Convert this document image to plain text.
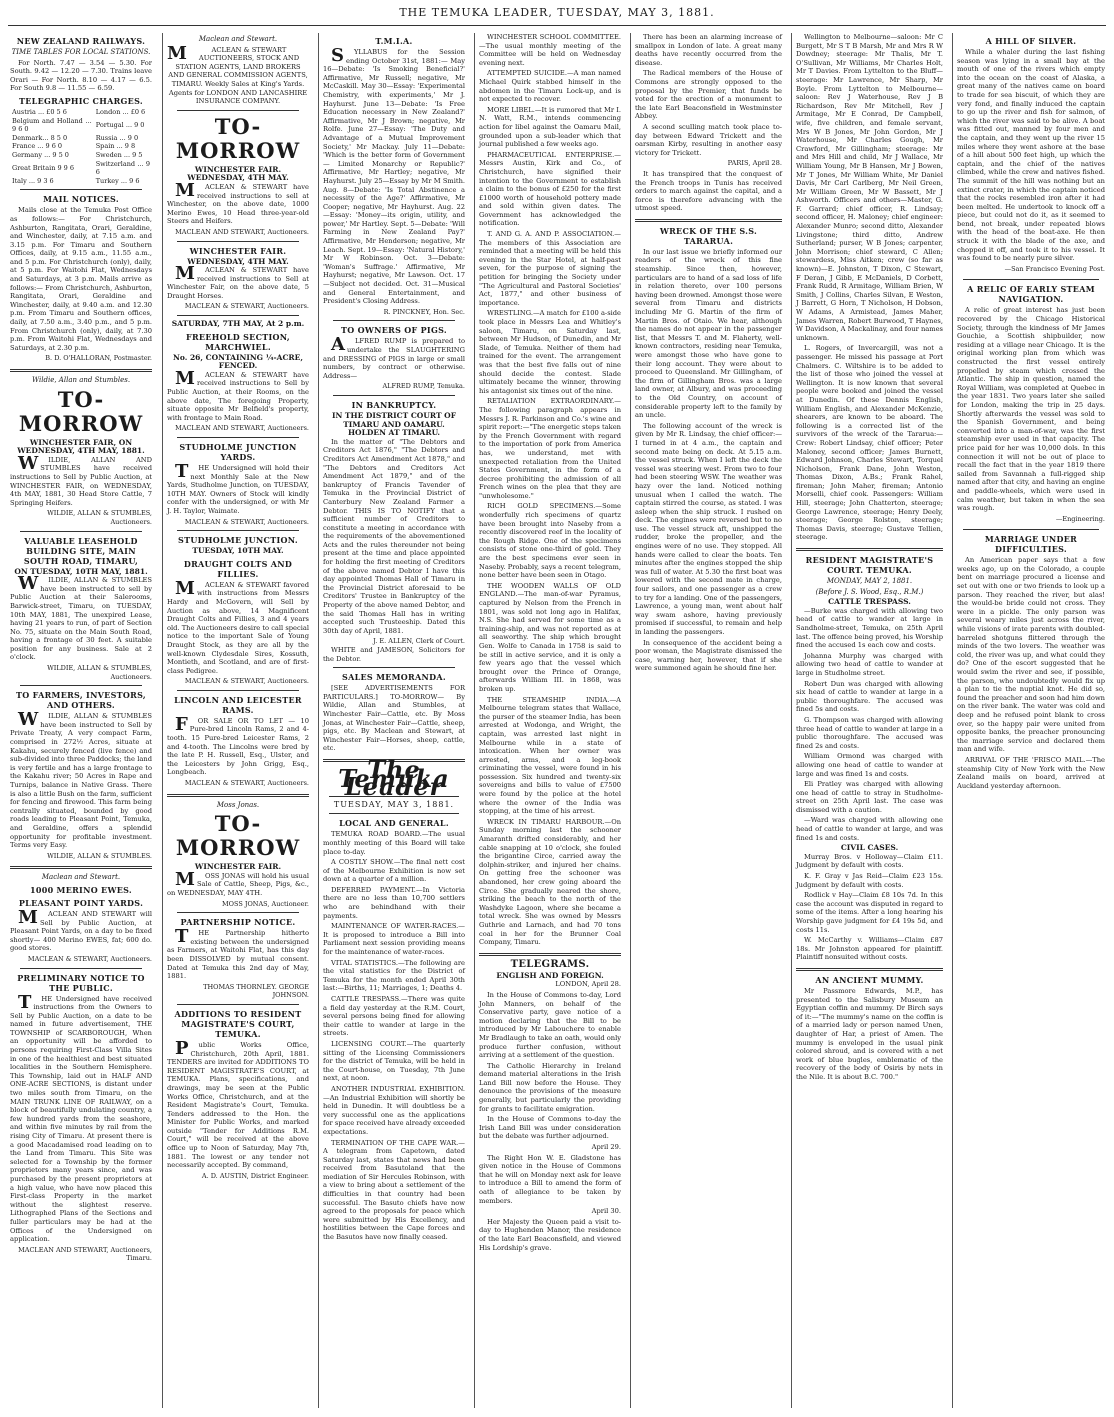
THE TEMUKA LEADER, TUESDAY, MAY 3, 1881.
NEW ZEALAND RAILWAYS.
TIME TABLES FOR LOCAL STATIONS.
For North. 7.47 — 3.54 — 5.30. For South. 9.42 — 12.20 — 7.30. Trains leave Orari — For North. 8.10 — 4.17 — 6.5. For South 9.8 — 11.55 — 6.59.
TELEGRAPHIC CHARGES.
Austria ... £0 5 6	London ... £0 6
Belgium and Holland ... 9 6 0	Portugal ... 9 0
Denmark... 8 5 0	Russia ... 9 0
France ... 9 6 0	Spain ... 9 8
Germany ... 9 5 0	Sweden ... 9 5
Great Britain 9 9 6	Switzerland ... 9 6
Italy ... 9 3 6	Turkey ... 9 6
MAIL NOTICES.
Mails close at the Temuka Post Office as follows:— For Christchurch, Ashburton, Rangitata, Orari, Geraldine, and Winchester, daily, at 7.15 a.m. and 3.15 p.m. For Timaru and Southern Offices, daily, at 9.15 a.m., 11.55 a.m., and 5 p.m. For Christchurch (only), daily, at 5 p.m. For Waitohi Flat, Wednesdays and Saturdays, at 3 p.m. Mails arrive as follows:— From Christchurch, Ashburton, Rangitata, Orari, Geraldine and Winchester, daily, at 9.40 a.m. and 12.30 p.m. From Timaru and Southern offices, daily, at 7.50 a.m., 3.40 p.m., and 5 p.m. From Christchurch (only), daily, at 7.30 p.m. From Waitohi Flat, Wednesdays and Saturdays, at 2.30 p.m.
B. D. O'HALLORAN, Postmaster.
Wildie, Allan and Stumbles.
TO-MORROW
WINCHESTER FAIR, ON WEDNESDAY, 4TH MAY, 1881.
WILDIE, ALLAN AND STUMBLES have received instructions to Sell by Public Auction, at WINCHESTER FAIR, on WEDNESDAY, 4th MAY, 1881, 30 Head Store Cattle, 7 Springing Heifers.
WILDIE, ALLAN & STUMBLES, Auctioneers.
VALUABLE LEASEHOLD BUILDING SITE, MAIN SOUTH ROAD, TIMARU,
ON TUESDAY, 10TH MAY, 1881.
WILDIE, ALLAN & STUMBLES have been instructed to sell by Public Auction at their Salerooms, Barwick-street, Timaru, on TUESDAY, 10th MAY, 1881, The unexpired Lease, having 21 years to run, of part of Section No. 75, situate on the Main South Road, having a frontage of 30 feet. A suitable position for any business. Sale at 2 o'clock.
WILDIE, ALLAN & STUMBLES, Auctioneers.
TO FARMERS, INVESTORS, AND OTHERS.
WILDIE, ALLAN & STUMBLES have been instructed to Sell by Private Treaty, A very compact Farm, comprised in 272½ Acres, situate at Kakahu, securely fenced (live fence) and sub-divided into three Paddocks; the land is very fertile and has a large frontage to the Kakahu river; 50 Acres in Rape and Turnips, balance in Native Grass. There is also a little Bush on the farm, sufficient for fencing and firewood. This farm being centrally situated, bounded by good roads leading to Pleasant Point, Temuka, and Geraldine, offers a splendid opportunity for profitable investment. Terms very Easy.
WILDIE, ALLAN & STUMBLES.
Maclean and Stewart.
1000 MERINO EWES.
PLEASANT POINT YARDS.
MACLEAN AND STEWART will Sell by Public Auction, at Pleasant Point Yards, on a day to be fixed shortly— 400 Merino EWES, fat; 600 do. good stores.
MACLEAN & STEWART, Auctioneers.
PRELIMINARY NOTICE TO THE PUBLIC.
THE Undersigned have received instructions from the Owners to Sell by Public Auction, on a date to be named in future advertisement, THE TOWNSHIP of SCARBOROUGH, When an opportunity will be afforded to persons requiring First-Class Villa Sites in one of the healthiest and best situated localities in the Southern Hemisphere. This Township, laid out in HALF AND ONE-ACRE SECTIONS, is distant under two miles south from Timaru, on the MAIN TRUNK LINE OF RAILWAY, on a block of beautifully undulating country, a few hundred yards from the seashore, and within five minutes by rail from the rising City of Timaru. At present there is a good Macadamised road leading on to the Land from Timaru. This Site was selected for a Township by the former proprietors many years since, and was purchased by the present proprietors at a high value, who have now placed this First-class Property in the market without the slightest reserve. Lithographed Plans of the Sections and fuller particulars may be had at the Offices of the Undersigned on application.
MACLEAN AND STEWART, Auctioneers, Timaru.
Maclean and Stewart.
MACLEAN & STEWART AUCTIONEERS, STOCK AND STATION AGENTS, LAND BROKERS AND GENERAL COMMISSION AGENTS, TIMARU. Weekly Sales at King's Yards. Agents for LONDON AND LANCASHIRE INSURANCE COMPANY.
TO-MORROW
WINCHESTER FAIR. WEDNESDAY, 4TH MAY.
MACLEAN & STEWART have received instructions to sell at Winchester, on the above date, 1000 Merino Ewes, 10 Head three-year-old Steers and Heifers.
MACLEAN AND STEWART, Auctioneers.
WINCHESTER FAIR.
WEDNESDAY, 4TH MAY.
MACLEAN & STEWART have received instructions to Sell at Winchester Fair, on the above date, 5 Draught Horses.
MACLEAN & STEWART, Auctioneers.
SATURDAY, 7TH MAY, At 2 p.m.
FREEHOLD SECTION, MARCHWIEL.
No. 26, CONTAINING ¼-ACRE, FENCED.
MACLEAN & STEWART have received instructions to Sell by Public Auction, at their Rooms, on the above date, The foregoing Property, situate opposite Mr Belfield's property, with frontage to Main Road.
MACLEAN AND STEWART, Auctioneers.
STUDHOLME JUNCTION YARDS.
THE Undersigned will hold their next Monthly Sale at the New Yards, Studholme Junction, on TUESDAY, 10TH MAY. Owners of Stock will kindly confer with the undersigned, or with Mr J. H. Taylor, Waimate.
MACLEAN & STEWART, Auctioneers.
STUDHOLME JUNCTION.
TUESDAY, 10TH MAY.
DRAUGHT COLTS AND FILLIES.
MACLEAN & STEWART favored with instructions from Messrs Hardy and McGovern, will Sell by Auction as above, 14 Magnificent Draught Colts and Fillies, 3 and 4 years old. The Auctioneers desire to call special notice to the important Sale of Young Draught Stock, as they are all by the well-known Clydesdale Sires, Kossuth, Montieth, and Scotland, and are of first-class Pedigree.
MACLEAN & STEWART, Auctioneers.
LINCOLN AND LEICESTER RAMS.
FOR SALE OR TO LET — 10 Pure-bred Lincoln Rams, 2 and 4-tooth. 15 Pure-bred Leicester Rams, 2 and 4-tooth. The Lincolns were bred by the late P. H. Russell, Esq., Ulster, and the Leicesters by John Grigg, Esq., Longbeach.
MACLEAN & STEWART, Auctioneers.
Moss Jonas.
TO-MORROW
WINCHESTER FAIR.
MOSS JONAS will hold his usual Sale of Cattle, Sheep, Pigs, &c., on WEDNESDAY, MAY 4TH.
MOSS JONAS, Auctioneer.
PARTNERSHIP NOTICE.
THE Partnership hitherto existing between the undersigned as Farmers, at Waitohi Flat, has this day been DISSOLVED by mutual consent. Dated at Temuka this 2nd day of May, 1881.
THOMAS THORNLEY. GEORGE JOHNSON.
ADDITIONS TO RESIDENT MAGISTRATE'S COURT, TEMUKA.
Public Works Office, Christchurch, 20th April, 1881. TENDERS are invited for ADDITIONS TO RESIDENT MAGISTRATE'S COURT, at TEMUKA. Plans, specifications, and drawings, may be seen at the Public Works Office, Christchurch, and at the Resident Magistrate's Court, Temuka. Tenders addressed to the Hon. the Minister for Public Works, and marked outside "Tender for Additions R.M. Court," will be received at the above office up to Noon of Saturday, May 7th, 1881. The lowest or any tender not necessarily accepted. By command,
A. D. AUSTIN, District Engineer.
T.M.I.A.
SYLLABUS for the Session ending October 31st, 1881:— May 16—Debate: 'Is Smoking Beneficial?' Affirmative, Mr Russell; negative, Mr McCaskill. May 30—Essay: 'Experimental Chemistry, with experiments,' Mr J. Hayhurst. June 13—Debate: 'Is Free Education necessary in New Zealand?' Affirmative, Mr J Brown; negative, Mr Rolfe. June 27—Essay: 'The Duty and Advantage of a Mutual Improvement Society,' Mr Mackay. July 11—Debate: 'Which is the better form of Government — Limited Monarchy or Republic?' Affirmative, Mr Hartley; negative, Mr Hayhurst. July 25—Essay by Mr M Smith. Aug. 8—Debate: 'Is Total Abstinence a necessity of the Age?' Affirmative, Mr Cooper; negative, Mr Hayhurst. Aug. 22—Essay: 'Money—its origin, utility, and power,' Mr Hartley. Sept. 5—Debate: 'Will Farming in New Zealand Pay?' Affirmative, Mr Henderson; negative, Mr Leach. Sept. 19—Essay: 'Natural History,' Mr W Robinson. Oct. 3—Debate: 'Woman's Suffrage.' Affirmative, Mr Hayhurst; negative, Mr Lawson. Oct. 17—Subject not decided. Oct. 31—Musical and General Entertainment, and President's Closing Address.
R. PINCKNEY, Hon. Sec.
TO OWNERS OF PIGS.
ALFRED RUMP is prepared to undertake the SLAUGHTERING and DRESSING of PIGS in large or small numbers, by contract or otherwise. Address—
ALFRED RUMP, Temuka.
IN BANKRUPTCY.
IN THE DISTRICT COURT OF TIMARU AND OAMARU. HOLDEN AT TIMARU.
In the matter of "The Debtors and Creditors Act 1876," "The Debtors and Creditors Act Amendment Act 1878," and "The Debtors and Creditors Act Amendment Act 1879," and of the bankruptcy of Francis Tavender of Temuka in the Provincial District of Canterbury New Zealand Farmer a Debtor. THIS IS TO NOTIFY that a sufficient number of Creditors to constitute a meeting in accordance with the requirements of the abovementioned Acts and the rules thereunder not being present at the time and place appointed for holding the first meeting of Creditors of the above named Debtor I have this day appointed Thomas Hall of Timaru in the Provincial District aforesaid to be Creditors' Trustee in Bankruptcy of the Property of the above named Debtor, and the said Thomas Hall has in writing accepted such Trusteeship. Dated this 30th day of April, 1881.
J. E. ALLEN, Clerk of Court.
WHITE and JAMESON, Solicitors for the Debtor.
SALES MEMORANDA.
[SEE ADVERTISEMENTS FOR PARTICULARS.] TO-MORROW— By Wildie, Allan and Stumbles, at Winchester Fair—Cattle, etc. By Moss Jonas, at Winchester Fair—Cattle, sheep, pigs, etc. By Maclean and Stewart, at Winchester Fair—Horses, sheep, cattle, etc.
The Temuka Leader
TUESDAY, MAY 3, 1881.
LOCAL AND GENERAL.
TEMUKA ROAD BOARD.—The usual monthly meeting of this Board will take place to-day.
A COSTLY SHOW.—The final nett cost of the Melbourne Exhibition is now set down at a quarter of a million.
DEFERRED PAYMENT.—In Victoria there are no less than 10,700 settlers who are behindhand with their payments.
MAINTENANCE OF WATER-RACES.—It is proposed to introduce a Bill into Parliament next session providing means for the maintenance of water-races.
VITAL STATISTICS.—The following are the vital statistics for the District of Temuka for the month ended April 30th last:—Births, 11; Marriages, 1; Deaths 4.
CATTLE TRESPASS.—There was quite a field day yesterday at the R.M. Court, several persons being fined for allowing their cattle to wander at large in the streets.
LICENSING COURT.—The quarterly sitting of the Licensing Commissioners for the district of Temuka, will be held in the Court-house, on Tuesday, 7th June next, at noon.
ANOTHER INDUSTRIAL EXHIBITION.—An Industrial Exhibition will shortly be held in Dunedin. It will doubtless be a very successful one as the applications for space received have already exceeded expectations.
TERMINATION OF THE CAPE WAR.—A telegram from Capetown, dated Saturday last, states that news had been received from Basutoland that the mediation of Sir Hercules Robinson, with a view to bring about a settlement of the difficulties in that country had been successful. The Basuto chiefs have now agreed to the proposals for peace which were submitted by His Excellency, and hostilities between the Cape forces and the Basutos have now finally ceased.
WINCHESTER SCHOOL COMMITTEE.—The usual monthly meeting of the Committee will be held on Wednesday evening next.
ATTEMPTED SUICIDE.—A man named Michael Quirk stabbed himself in the abdomen in the Timaru Lock-up, and is not expected to recover.
MORE LIBEL.—It is rumored that Mr I. N. Watt, R.M., intends commencing action for libel against the Oamaru Mail, grounded upon a sub-leader which that journal published a few weeks ago.
PHARMACEUTICAL ENTERPRISE.—Messrs Austin, Kirk and Co., of Christchurch, have signified their intention to the Government to establish a claim to the bonus of £250 for the first £1000 worth of household pottery made and sold within given dates. The Government has acknowledged the notification.
T. AND G. A. AND P. ASSOCIATION.—The members of this Association are reminded that a meeting will be held this evening in the Star Hotel, at half-past seven, for the purpose of signing the petition for bringing the Society under "The Agricultural and Pastoral Societies' Act, 1877," and other business of importance.
WRESTLING.—A match for £100 a-side took place in Messrs Lea and Whitley's saloon, Timaru, on Saturday last, between Mr Hudson, of Dunedin, and Mr Slade, of Temuka. Neither of them had trained for the event. The arrangement was that the best five falls out of nine should decide the contest. Slade ultimately became the winner, throwing his antagonist six times out of the nine.
RETALIATION EXTRAORDINARY.—The following paragraph appears in Messrs J. R. Parkinson and Co.'s wine and spirit report:—"The energetic steps taken by the French Government with regard to the importation of pork from America has, we understand, met with unexpected retaliation from the United States Government, in the form of a decree prohibiting the admission of all French wines on the plea that they are "unwholesome."
RICH GOLD SPECIMENS.—Some wonderfully rich specimens of quartz have been brought into Naseby from a recently discovered reef in the locality of the Rough Ridge. One of the specimens consists of stone one-third of gold. They are the best specimens ever seen in Naseby. Probably, says a recent telegram, none better have been seen in Otago.
THE WOODEN WALLS OF OLD ENGLAND.—The man-of-war Pyramus, captured by Nelson from the French in 1801, was sold not long ago in Halifax, N.S. She had served for some time as a training-ship, and was not reported as at all seaworthy. The ship which brought Gen. Wolfe to Canada in 1758 is said to be still in active service, and it is only a few years ago that the vessel which brought over the Prince of Orange, afterwards William III. in 1868, was broken up.
THE STEAMSHIP INDIA.—A Melbourne telegram states that Wallace, the purser of the steamer India, has been arrested at Wodonga, and Wright, the captain, was arrested last night in Melbourne while in a state of intoxication. When her owner was arrested, arms, and a leg-book criminating the vessel, were found in his possession. Six hundred and twenty-six sovereigns and bills to value of £7500 were found by the police at the hotel where the owner of the India was stopping, at the time of his arrest.
WRECK IN TIMARU HARBOUR.—On Sunday morning last the schooner Amaranth drifted considerably, and her cable snapping at 10 o'clock, she fouled the brigantine Circe, carried away the dolphin-striker, and injured her chains. On getting free the schooner was abandoned, her crew going aboard the Circe. She gradually neared the shore, striking the beach to the north of the Washdyke Lagoon, where she became a total wreck. She was owned by Messrs Guthrie and Larnach, and had 70 tons coal in her for the Brunner Coal Company, Timaru.
TELEGRAMS.
ENGLISH AND FOREIGN.
LONDON, April 28.
In the House of Commons to-day, Lord John Manners, on behalf of the Conservative party, gave notice of a motion declaring that the Bill to be introduced by Mr Labouchere to enable Mr Bradlaugh to take an oath, would only produce further confusion, without arriving at a settlement of the question.
The Catholic Hierarchy in Ireland demand material alterations in the Irish Land Bill now before the House. They denounce the provisions of the measure generally, but particularly the providing for grants to facilitate emigration.
In the House of Commons to-day the Irish Land Bill was under consideration but the debate was further adjourned.
April 29.
The Right Hon W. E. Gladstone has given notice in the House of Commons that he will on Monday next ask for leave to introduce a Bill to amend the form of oath of allegiance to be taken by members.
April 30.
Her Majesty the Queen paid a visit to-day to Hughenden Manor, the residence of the late Earl Beaconsfield, and viewed His Lordship's grave.
There has been an alarming increase of smallpox in London of late. A great many deaths have recently occurred from the disease.
The Radical members of the House of Commons are strongly opposed to the proposal by the Premier, that funds be voted for the erection of a monument to the late Earl Beaconsfield in Westminster Abbey.
A second sculling match took place to-day between Edward Trickett and the oarsman Kirby, resulting in another easy victory for Trickett.
PARIS, April 28.
It has transpired that the conquest of the French troops in Tunis has received orders to march against the capital, and a force is therefore advancing with the utmost speed.
WRECK OF THE S.S. TARARUA.
In our last issue we briefly informed our readers of the wreck of this fine steamship. Since then, however, particulars are to hand of a sad loss of life in relation thereto, over 100 persons having been drowned. Amongst those were several from Timaru and districts including Mr G. Martin of the firm of Martin Bros. of Otaio. We hear, although the names do not appear in the passenger list, that Messrs T. and M. Flaherty, well-known contractors, residing near Temuka, were amongst those who have gone to their long account. They were about to proceed to Queensland. Mr Gillingham, of the firm of Gillingham Bros. was a large land owner, at Albury, and was proceeding to the Old Country, on account of considerable property left to the family by an uncle.
The following account of the wreck is given by Mr R. Lindsay, the chief officer:—I turned in at 4 a.m., the captain and second mate being on deck. At 5.15 a.m. the vessel struck. When I left the deck the vessel was steering west. From two to four had been steering WSW. The weather was hazy over the land. Noticed nothing unusual when I called the watch. The captain stirred the course, as stated. I was asleep when the ship struck. I rushed on deck. The engines were reversed but to no use. The vessel struck aft, unshipped the rudder, broke the propeller, and the engines were of no use. They stopped. All hands were called to clear the boats. Ten minutes after the engines stopped the ship was full of water. At 5.30 the first boat was lowered with the second mate in charge, four sailors, and one passenger as a crew to try for a landing. One of the passengers, Lawrence, a young man, went about half way swam ashore, having previously promised if successful, to remain and help in landing the passengers.
In consequence of the accident being a poor woman, the Magistrate dismissed the case, warning her, however, that if she were summoned again he should fine her.
Wellington to Melbourne—saloon: Mr C Burgett, Mr S T B Marsh, Mr and Mrs R W Dowdney; steerage: Mr Thalis, Mr T. O'Sullivan, Mr Williams, Mr Charles Holt, Mr T Davies. From Lyttelton to the Bluff—steerage: Mr Lawrence, Mr Sharp, Mr Boyle. From Lyttelton to Melbourne—saloon: Rev J Waterhouse, Rev J B Richardson, Rev Mr Mitchell, Rev J Armitage, Mr E Conrad, Dr Campbell, wife, five children, and female servant, Mrs W B Jones, Mr John Gordon, Mr J Waterhouse, Mr Charles Gough, Mr Crawford, Mr Gillingham; steerage: Mr and Mrs Hill and child, Mr J Wallace, Mr William Young, Mr B Hansen, Mr J Bowen, Mr T Jones, Mr William White, Mr Daniel Davis, Mr Carl Carlberg, Mr Neil Green, Mr William Green, Mr W Bassett, Mr J Ashworth. Officers and others—Master, G. F. Garrard; chief officer, R. Lindsay; second officer, H. Maloney; chief engineer: Alexander Munro; second ditto, Alexander Livingstone; third ditto, Andrew Sutherland; purser, W B Jones; carpenter, John Morrison; chief steward, C Allen; stewardess, Miss Aitken; crew (so far as known)—E. Johnston, T Dixon, C Stewart, F Deran, J Gibb, E McDaniels, D Corbett, Frank Rudd, R Armitage, William Brien, W Smith, J Collins, Charles Silvan, E Weston, J Barrett, G Horn, T Nicholson, H Dobson, W Adams, A Armistead, James Maher, James Warren, Robert Burwood, T Haynes, W Davidson, A Mackalinay, and four names unknown.
L. Rogers, of Invercargill, was not a passenger. He missed his passage at Port Chalmers. C. Wiltshire is to be added to the list of those who joined the vessel at Wellington. It is now known that several people were booked and joined the vessel at Dunedin. Of these Dennis English, William English, and Alexander McKenzie, shearers, are known to be aboard. The following is a corrected list of the survivors of the wreck of the Tararua:— Crew: Robert Lindsay, chief officer; Peter Maloney, second officer; James Burnett, Edward Johnson, Charles Stewart, Torquel Nicholson, Frank Dane, John Weston, Thomas Dixon, A.Bs.; Frank Rahel, fireman; John Maher, fireman; Antonio Morselli, chief cook. Passengers: William Hill, steerage; John Chatterton, steerage; George Lawrence, steerage; Henry Deely, steerage; George Rolston, steerage; Thomas Davis, steerage; Gustave Tellien, steerage.
RESIDENT MAGISTRATE'S COURT. TEMUKA.
MONDAY, MAY 2, 1881.
(Before J. S. Wood, Esq., R.M.)
CATTLE TRESPASS.
—Burke was charged with allowing two head of cattle to wander at large in Sandholme-street, Temuka, on 25th April last. The offence being proved, his Worship fined the accused 1s each cow and costs.
Johanna Murphy was charged with allowing two head of cattle to wander at large in Studholme street.
Robert Dun was charged with allowing six head of cattle to wander at large in a public thoroughfare. The accused was fined 5s and costs.
G. Thompson was charged with allowing three head of cattle to wander at large in a public thoroughfare. The accused was fined 2s and costs.
William Ormond was charged with allowing one head of cattle to wander at large and was fined 1s and costs.
Eli Pratley was charged with allowing one head of cattle to stray in Studholme-street on 25th April last. The case was dismissed with a caution.
—Ward was charged with allowing one head of cattle to wander at large, and was fined 1s and costs.
CIVIL CASES.
Murray Bros. v Holloway—Claim £11. Judgment by default with costs.
K. F. Gray v Jas Reid—Claim £23 15s. Judgment by default with costs.
Rodlick v Hay—Claim £8 10s 7d. In this case the account was disputed in regard to some of the items. After a long hearing his Worship gave judgment for £4 19s 5d, and costs 11s.
W. McCarthy v. Williams—Claim £87 18s. Mr Johnston appeared for plaintiff. Plaintiff nonsuited without costs.
AN ANCIENT MUMMY.
Mr Passmore Edwards, M.P., has presented to the Salisbury Museum an Egyptian coffin and mummy. Dr Birch says of it:—"The mummy's name on the coffin is of a married lady or person named Unen, daughter of Har, a priest of Amen. The mummy is enveloped in the usual pink colored shroud, and is covered with a net work of blue bugles, emblematic of the recovery of the body of Osiris by nets in the Nile. It is about B.C. 700."
A HILL OF SILVER.
While a whaler during the last fishing season was lying in a small bay at the mouth of one of the rivers which empty into the ocean on the coast of Alaska, a great many of the natives came on board to trade for sea biscuit, of which they are very fond, and finally induced the captain to go up the river and fish for salmon, of which the river was said to be alive. A boat was fitted out, manned by four men and the captain, and they went up the river 15 miles where they went ashore at the base of a hill about 500 feet high, up which the captain, and the chief of the natives climbed, while the crew and natives fished. The summit of the hill was nothing but an extinct crater, in which the captain noticed that the rocks resembled iron after it had been melted. He undertook to knock off a piece, but could not do it, as it seemed to bend, not break, under repeated blows with the head of the boat-axe. He then struck it with the blade of the axe, and chopped it off, and took it to his vessel. It was found to be nearly pure silver.
—San Francisco Evening Post.
A RELIC OF EARLY STEAM NAVIGATION.
A relic of great interest has just been recovered by the Chicago Historical Society, through the kindness of Mr James Gouchie, a Scottish shipbuilder, now residing at a village near Chicago. It is the original working plan from which was constructed the first vessel entirely propelled by steam which crossed the Atlantic. The ship in question, named the Royal William, was completed at Quebec in the year 1831. Two years later she sailed for London, making the trip in 25 days. Shortly afterwards the vessel was sold to the Spanish Government, and being converted into a man-of-war, was the first steamship ever used in that capacity. The price paid for her was 10,000 dols. In this connection it will not be out of place to recall the fact that in the year 1819 there sailed from Savannah a full-rigged ship named after that city, and having an engine and paddle-wheels, which were used in calm weather, but taken in when the sea was rough.
—Engineering.
MARRIAGE UNDER DIFFICULTIES.
An American paper says that a few weeks ago, up on the Colorado, a couple bent on marriage procured a license and set out with one or two friends to look up a parson. They reached the river, but alas! the would-be bride could not cross. They were in a pickle. The only parson was several weary miles just across the river, while visions of irate parents with doubled-barreled shotguns flittered through the minds of the two lovers. The weather was cold, the river was up, and what could they do? One of the escort suggested that he would swim the river and see, if possible, the parson, who undoubtedly would fix up a plan to tie the nuptial knot. He did so, found the preacher and soon had him down on the river bank. The water was cold and deep and he refused point blank to cross over, so the happy pair were united from opposite banks, the preacher pronouncing the marriage service and declared them man and wife.
ARRIVAL OF THE 'FRISCO MAIL.—The steamship City of New York with the New Zealand mails on board, arrived at Auckland yesterday afternoon.
